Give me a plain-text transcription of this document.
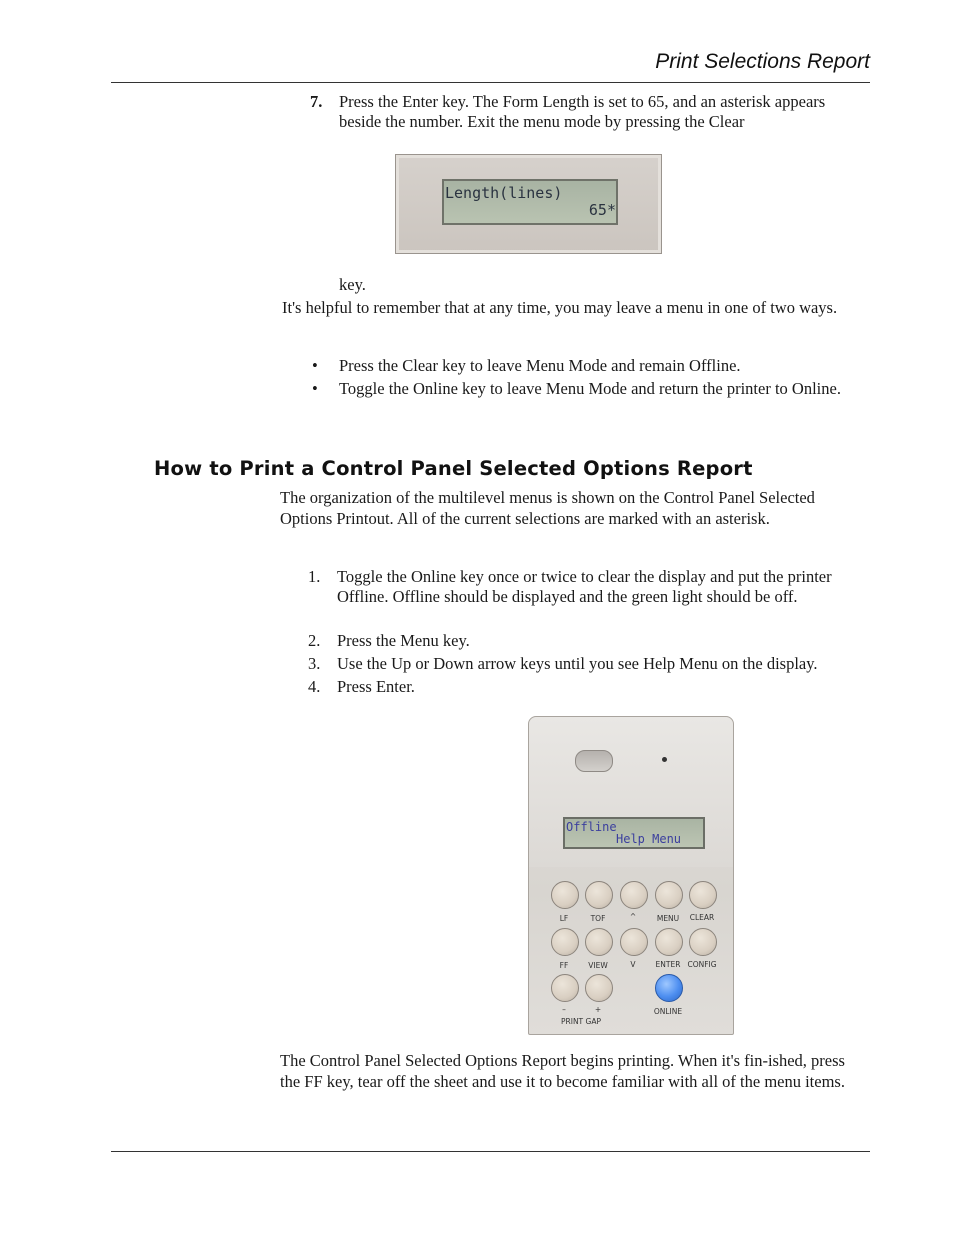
Print Selections Report
7. Press the Enter key. The Form Length is set to 65, and an asterisk appears beside the number. Exit the menu mode by pressing the Clear
Length(lines)
65*
key.
It's helpful to remember that at any time, you may leave a menu in one of two ways.
• Press the Clear key to leave Menu Mode and remain Offline.
• Toggle the Online key to leave Menu Mode and return the printer to Online.
How to Print a Control Panel Selected Options Report
The organization of the multilevel menus is shown on the Control Panel Selected Options Printout. All of the current selections are marked with an asterisk.
1. Toggle the Online key once or twice to clear the display and put the printer Offline. Offline should be displayed and the green light should be off.
2. Press the Menu key.
3. Use the Up or Down arrow keys until you see Help Menu on the display.
4. Press Enter.
Offline
Help Menu
LF	TOF	^	MENU	CLEAR
FF	VIEW	V	ENTER CONFIG
–	+
PRINT GAP
ONLINE
The Control Panel Selected Options Report begins printing. When it's fin-ished, press the FF key, tear off the sheet and use it to become familiar with all of the menu items.
